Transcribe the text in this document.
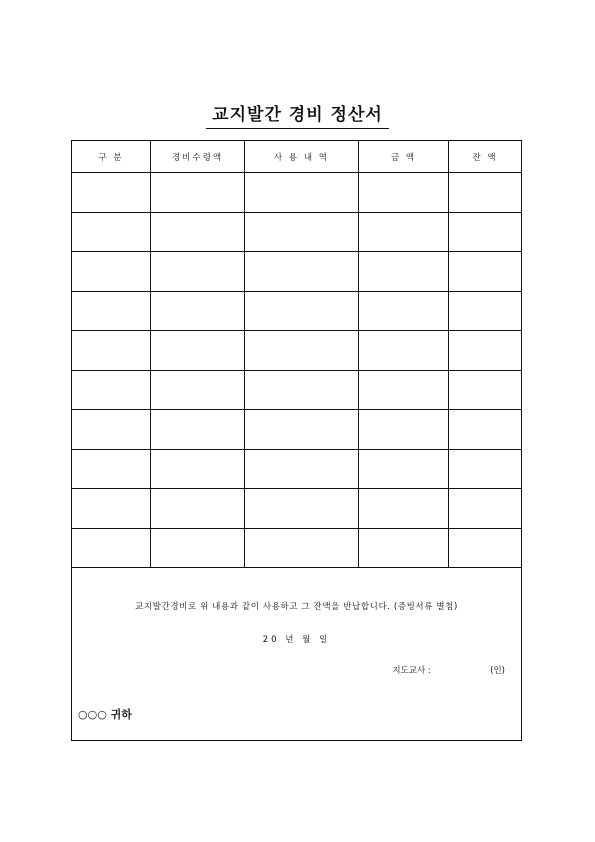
교지발간 경비 정산서
구 분	경비수령액	사 용 내 역	금 액	잔 액

교지발간경비로 위 내용과 같이 사용하고 그 잔액을 반납합니다. (증빙서류 별첨)
20 년 월 일
지도교사 : (인)
○○○ 귀하				
